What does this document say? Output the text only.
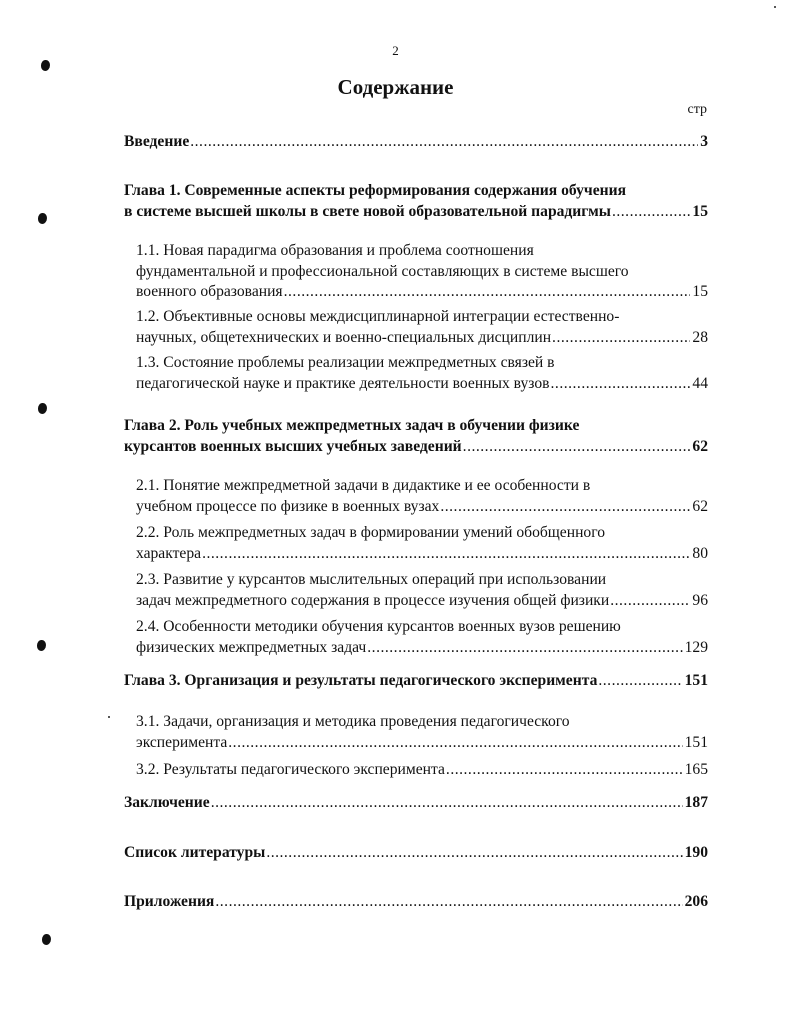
2
Содержание
стр
Введение .....	3
Глава 1. Современные аспекты реформирования содержания обучения
в системе высшей школы в свете новой образовательной парадигмы .....	15
1.1. Новая парадигма образования и проблема соотношения
фундаментальной и профессиональной составляющих в системе высшего
военного образования .....	15
1.2. Объективные основы междисциплинарной интеграции естественно-
научных, общетехнических и военно-специальных дисциплин .....	28
1.3. Состояние проблемы реализации межпредметных связей в
педагогической науке и практике деятельности военных вузов .....	44
Глава 2. Роль учебных межпредметных задач в обучении физике
курсантов военных высших учебных заведений .....	62
2.1. Понятие межпредметной задачи в дидактике и ее особенности в
учебном процессе по физике в военных вузах .....	62
2.2. Роль межпредметных задач в формировании умений обобщенного
характера .....	80
2.3. Развитие у курсантов мыслительных операций при использовании
задач межпредметного содержания в процессе изучения общей физики .....	96
2.4. Особенности методики обучения курсантов военных вузов решению
физических межпредметных задач .....	129
Глава 3. Организация и результаты педагогического эксперимента .....	151
3.1. Задачи, организация и методика проведения педагогического
эксперимента .....	151
3.2. Результаты педагогического эксперимента .....	165
Заключение .....	187
Список литературы .....	190
Приложения .....	206
